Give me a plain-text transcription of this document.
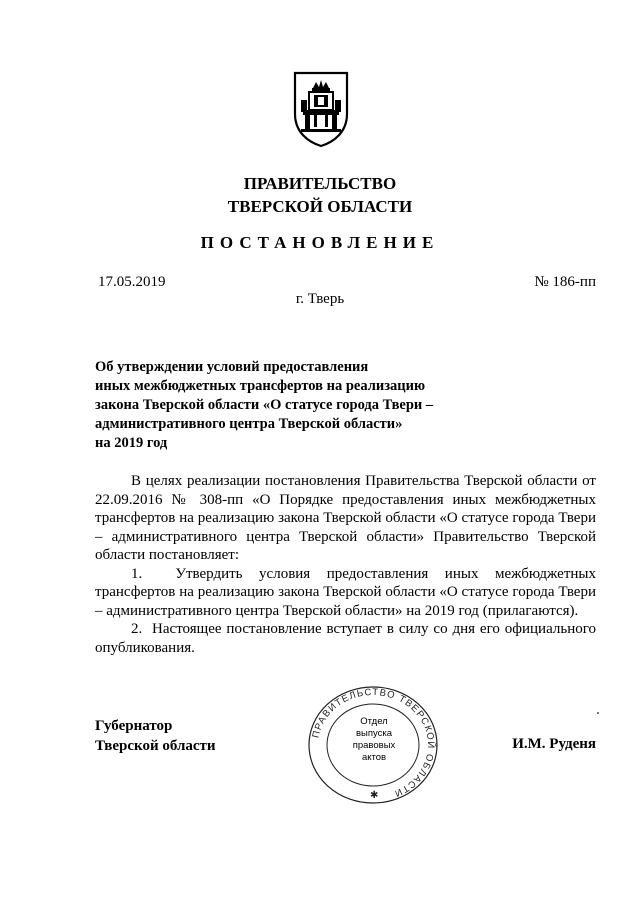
ПРАВИТЕЛЬСТВО
ТВЕРСКОЙ ОБЛАСТИ
ПОСТАНОВЛЕНИЕ
17.05.2019	№ 186-пп
г. Тверь
Об утверждении условий предоставления
иных межбюджетных трансфертов на реализацию
закона Тверской области «О статусе города Твери –
административного центра Тверской области»
на 2019 год

В целях реализации постановления Правительства Тверской области от 22.09.2016 № 308-пп «О Порядке предоставления иных межбюджетных трансфертов на реализацию закона Тверской области «О статусе города Твери – административного центра Тверской области» Правительство Тверской области постановляет:

1.  Утвердить условия предоставления иных межбюджетных трансфертов на реализацию закона Тверской области «О статусе города Твери – административного центра Тверской области» на 2019 год (прилагаются).

2.  Настоящее постановление вступает в силу со дня его официального опубликования.

Губернатор
Тверской области	И.М. Руденя
ПРАВИТЕЛЬСТВО ТВЕРСКОЙ ОБЛАСТИ
✱
Отдел
выпуска
правовых
актов
